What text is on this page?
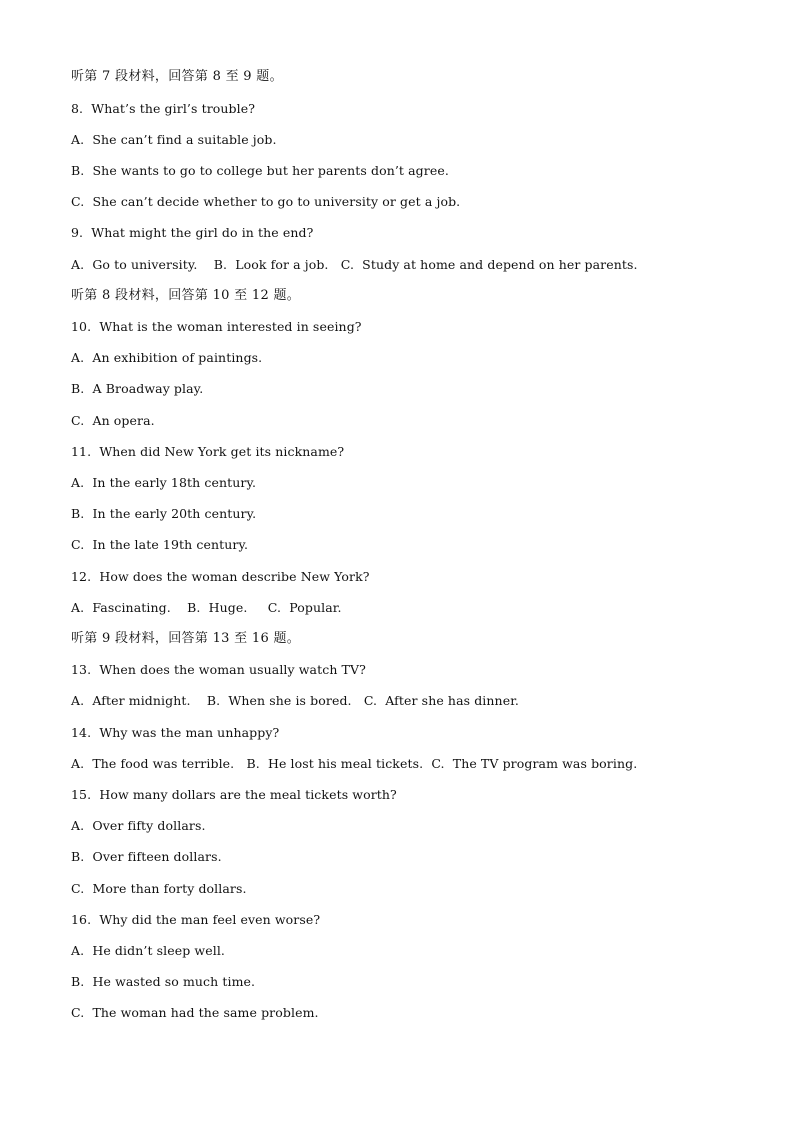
听第 7 段材料，回答第 8 至 9 题。
8.  What’s the girl’s trouble?
A.  She can’t find a suitable job.
B.  She wants to go to college but her parents don’t agree.
C.  She can’t decide whether to go to university or get a job.
9.  What might the girl do in the end?
A.  Go to university.    B.  Look for a job.   C.  Study at home and depend on her parents.
听第 8 段材料，回答第 10 至 12 题。
10.  What is the woman interested in seeing?
A.  An exhibition of paintings.
B.  A Broadway play.
C.  An opera.
11.  When did New York get its nickname?
A.  In the early 18th century.
B.  In the early 20th century.
C.  In the late 19th century.
12.  How does the woman describe New York?
A.  Fascinating.    B.  Huge.     C.  Popular.
听第 9 段材料，回答第 13 至 16 题。
13.  When does the woman usually watch TV?
A.  After midnight.    B.  When she is bored.   C.  After she has dinner.
14.  Why was the man unhappy?
A.  The food was terrible.   B.  He lost his meal tickets.  C.  The TV program was boring.
15.  How many dollars are the meal tickets worth?
A.  Over fifty dollars.
B.  Over fifteen dollars.
C.  More than forty dollars.
16.  Why did the man feel even worse?
A.  He didn’t sleep well.
B.  He wasted so much time.
C.  The woman had the same problem.
